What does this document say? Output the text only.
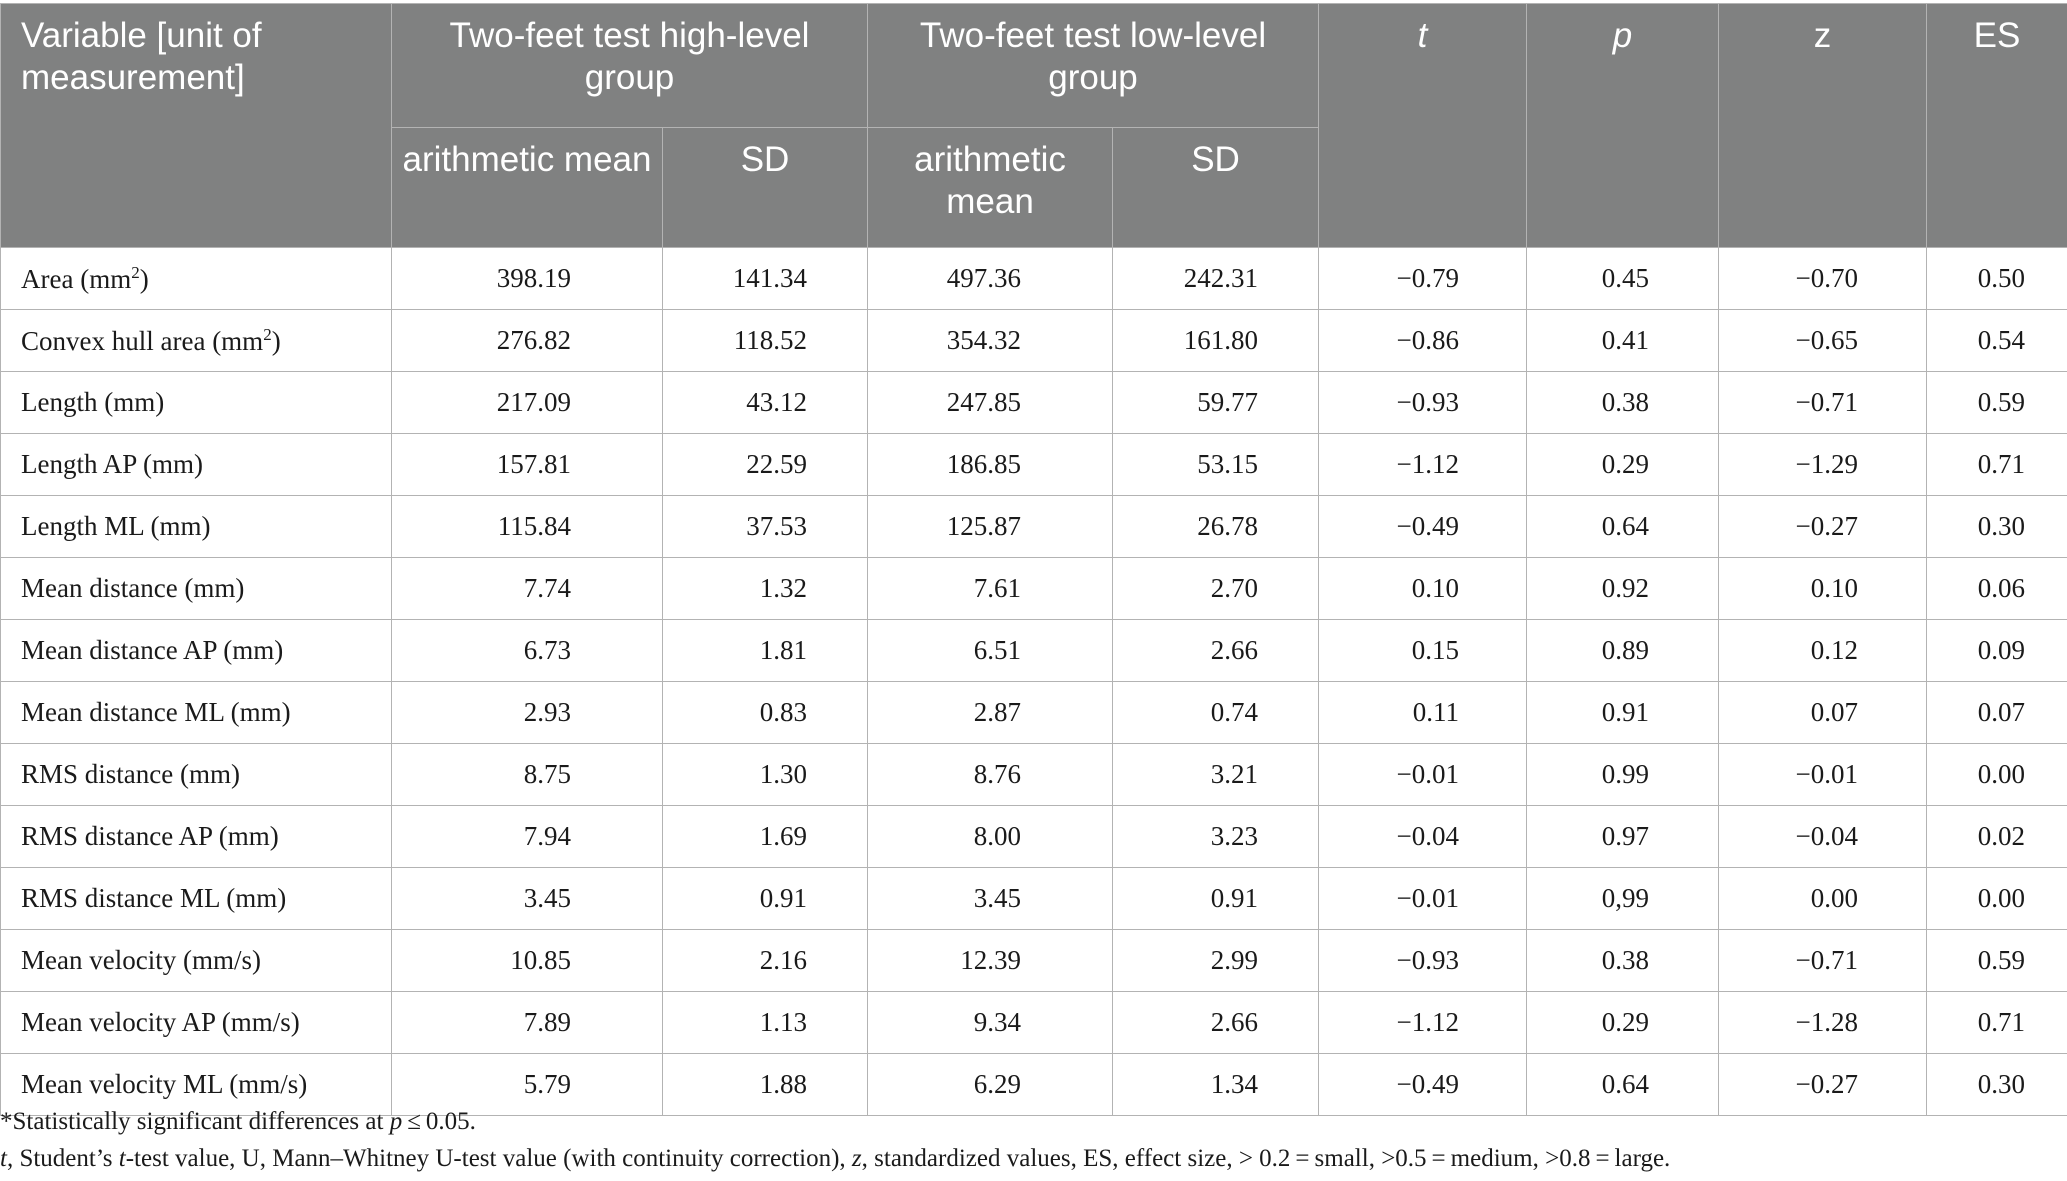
Variable [unit of measurement]	Two-feet test high-level group		Two-feet test low-level group		t	p	z	ES
	arithmetic mean	SD	arithmetic mean	SD				
Area $(mm^2)$	398.19	141.34	497.36	242.31	−0.79	0.45	−0.70	0.50
Convex hull area $(mm^2)$	276.82	118.52	354.32	161.80	−0.86	0.41	−0.65	0.54
Length (mm)	217.09	43.12	247.85	59.77	−0.93	0.38	−0.71	0.59
Length AP (mm)	157.81	22.59	186.85	53.15	−1.12	0.29	−1.29	0.71
Length ML (mm)	115.84	37.53	125.87	26.78	−0.49	0.64	−0.27	0.30
Mean distance (mm)	7.74	1.32	7.61	2.70	0.10	0.92	0.10	0.06
Mean distance AP (mm)	6.73	1.81	6.51	2.66	0.15	0.89	0.12	0.09
Mean distance ML (mm)	2.93	0.83	2.87	0.74	0.11	0.91	0.07	0.07
RMS distance (mm)	8.75	1.30	8.76	3.21	−0.01	0.99	−0.01	0.00
RMS distance AP (mm)	7.94	1.69	8.00	3.23	−0.04	0.97	−0.04	0.02
RMS distance ML (mm)	3.45	0.91	3.45	0.91	−0.01	0,99	0.00	0.00
Mean velocity (mm/s)	10.85	2.16	12.39	2.99	−0.93	0.38	−0.71	0.59
Mean velocity AP (mm/s)	7.89	1.13	9.34	2.66	−1.12	0.29	−1.28	0.71
Mean velocity ML (mm/s)	5.79	1.88	6.29	1.34	−0.49	0.64	−0.27	0.30
*Statistically significant differences at p ≤ 0.05.
t, Student’s t-test value, U, Mann–Whitney U-test value (with continuity correction), z, standardized values, ES, effect size, > 0.2 = small, >0.5 = medium, >0.8 = large.
